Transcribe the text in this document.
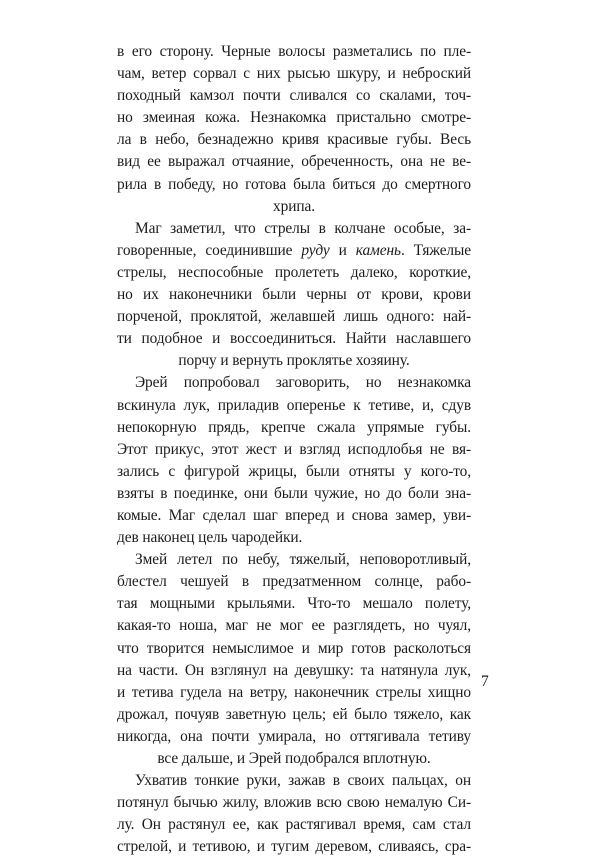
в его сторону. Черные волосы разметались по пле-
чам, ветер сорвал с них рысью шкуру, и неброский
походный камзол почти сливался со скалами, точ-
но змеиная кожа. Незнакомка пристально смотре-
ла в небо, безнадежно кривя красивые губы. Весь
вид ее выражал отчаяние, обреченность, она не ве-
рила в победу, но готова была биться до смертного
хрипа.
Маг заметил, что стрелы в колчане особые, за-
говоренные, соединившие руду и камень. Тяжелые
стрелы, неспособные пролететь далеко, короткие,
но их наконечники были черны от крови, крови
порченой, проклятой, желавшей лишь одного: най-
ти подобное и воссоединиться. Найти наславшего
порчу и вернуть проклятье хозяину.
Эрей попробовал заговорить, но незнакомка
вскинула лук, приладив оперенье к тетиве, и, сдув
непокорную прядь, крепче сжала упрямые губы.
Этот прикус, этот жест и взгляд исподлобья не вя-
зались с фигурой жрицы, были отняты у кого-то,
взяты в поединке, они были чужие, но до боли зна-
комые. Маг сделал шаг вперед и снова замер, уви-
дев наконец цель чародейки.
Змей летел по небу, тяжелый, неповоротливый,
блестел чешуей в предзатменном солнце, рабо-
тая мощными крыльями. Что-то мешало полету,
какая-то ноша, маг не мог ее разглядеть, но чуял,
что творится немыслимое и мир готов расколоться
на части. Он взглянул на девушку: та натянула лук,
и тетива гудела на ветру, наконечник стрелы хищно
дрожал, почуяв заветную цель; ей было тяжело, как
никогда, она почти умирала, но оттягивала тетиву
все дальше, и Эрей подобрался вплотную.
Ухватив тонкие руки, зажав в своих пальцах, он
потянул бычью жилу, вложив всю свою немалую Си-
лу. Он растянул ее, как растягивал время, сам стал
стрелой, и тетивою, и тугим деревом, сливаясь, сра-
7
